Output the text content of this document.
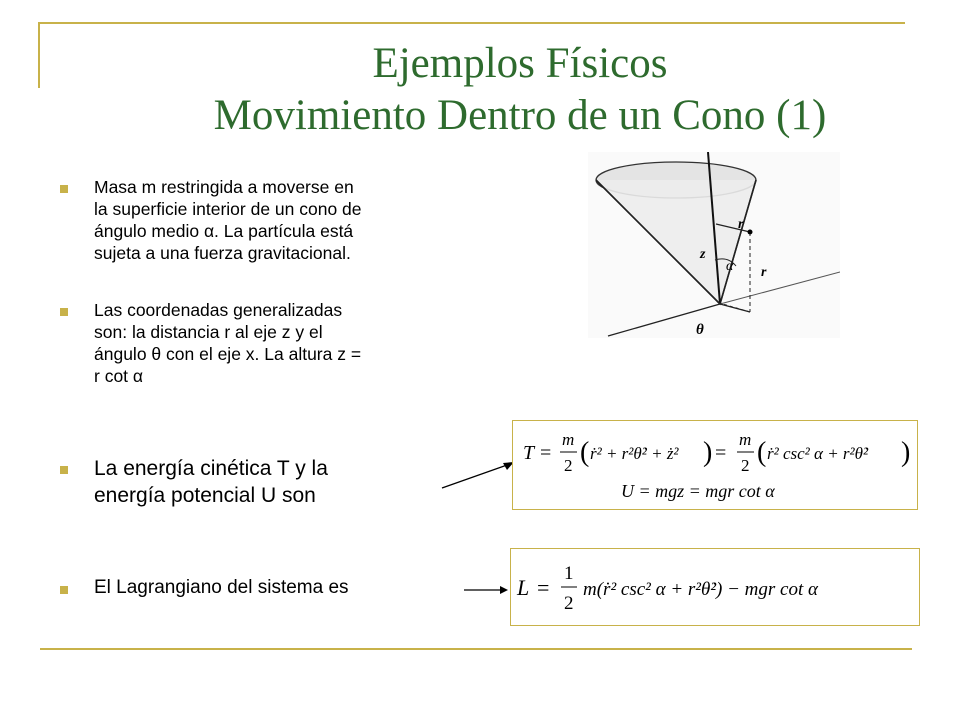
Ejemplos Físicos
Movimiento Dentro de un Cono (1)
Masa m restringida a moverse en
la superficie interior de un cono de
ángulo medio α. La partícula está
sujeta a una fuerza gravitacional.
Las coordenadas generalizadas
son: la distancia r al eje z y el
ángulo θ con el eje x. La altura z =
r cot α
La energía cinética T y la
energía potencial U son
El Lagrangiano del sistema es
r
z
α r
θ
T =
m
2 ( ṙ² + r²θ̇² + ż² ) =
m
2 ( ṙ² csc² α + r²θ̇² )
U = mgz = mgr cot α
L =
1
2
m(ṙ² csc² α + r²θ̇²) − mgr cot α
